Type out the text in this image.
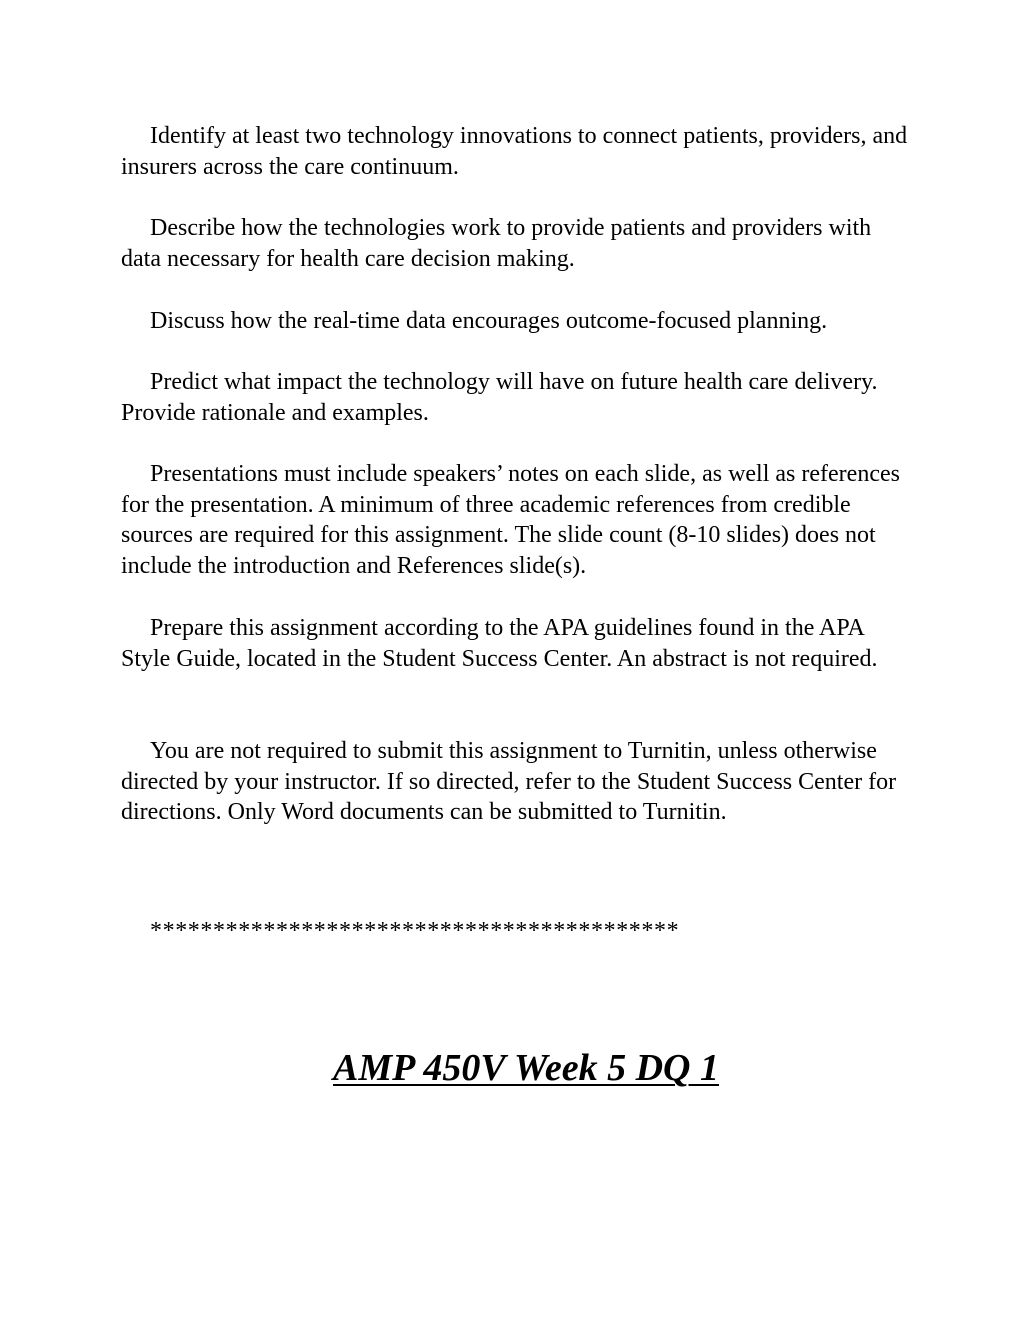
Identify at least two technology innovations to connect patients, providers, and insurers across the care continuum.

Describe how the technologies work to provide patients and providers with data necessary for health care decision making.

Discuss how the real-time data encourages outcome-focused planning.

Predict what impact the technology will have on future health care delivery. Provide rationale and examples.

Presentations must include speakers’ notes on each slide, as well as references for the presentation. A minimum of three academic references from credible sources are required for this assignment. The slide count (8-10 slides) does not include the introduction and References slide(s).

Prepare this assignment according to the APA guidelines found in the APA Style Guide, located in the Student Success Center. An abstract is not required.

You are not required to submit this assignment to Turnitin, unless otherwise directed by your instructor. If so directed, refer to the Student Success Center for directions. Only Word documents can be submitted to Turnitin.

******************************************

AMP 450V Week 5 DQ 1
